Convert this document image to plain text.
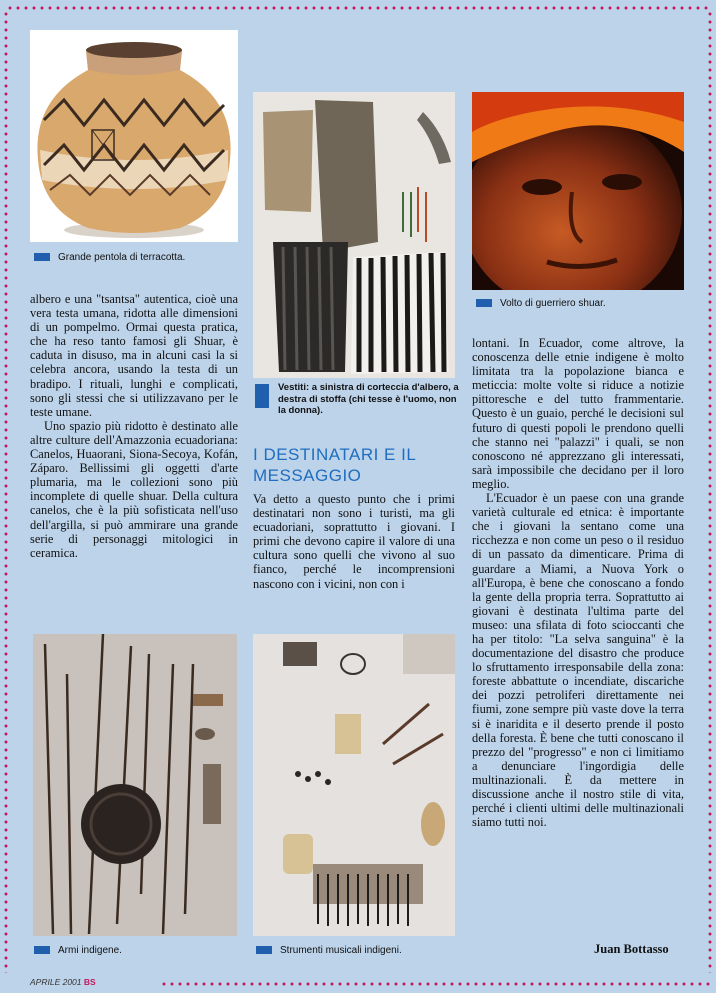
Grande pentola di terracotta.
Vestiti: a sinistra di corteccia d'albero, a destra di stoffa (chi tesse è l'uomo, non la donna).
Volto di guerriero shuar.

albero e una "tsantsa" autentica, cioè una vera testa umana, ridotta alle dimensioni di un pompelmo. Ormai questa pratica, che ha reso tanto famosi gli Shuar, è caduta in disuso, ma in alcuni casi la si celebra ancora, usando la testa di un bradipo. I rituali, lunghi e complicati, sono gli stessi che si utilizzavano per le teste umane.

Uno spazio più ridotto è destinato alle altre culture dell'Amazzonia ecuadoriana: Canelos, Huaorani, Siona-Secoya, Kofán, Záparo. Bellissimi gli oggetti d'arte plumaria, ma le collezioni sono più incomplete di quelle shuar. Della cultura canelos, che è la più sofisticata nell'uso dell'argilla, si può ammirare una grande serie di personaggi mitologici in ceramica.

I DESTINATARI E IL MESSAGGIO

Va detto a questo punto che i primi destinatari non sono i turisti, ma gli ecuadoriani, soprattutto i giovani. I primi che devono capire il valore di una cultura sono quelli che vivono al suo fianco, perché le incomprensioni nascono con i vicini, non con i

lontani. In Ecuador, come altrove, la conoscenza delle etnie indigene è molto limitata tra la popolazione bianca e meticcia: molte volte si riduce a notizie pittoresche e del tutto frammentarie. Questo è un guaio, perché le decisioni sul futuro di questi popoli le prendono quelli che stanno nei "palazzi" i quali, se non conoscono né apprezzano gli interessati, sarà impossibile che decidano per il loro meglio.

L'Ecuador è un paese con una grande varietà culturale ed etnica: è importante che i giovani la sentano come una ricchezza e non come un peso o il residuo di un passato da dimenticare. Prima di guardare a Miami, a Nuova York o all'Europa, è bene che conoscano a fondo la gente della propria terra. Soprattutto ai giovani è destinata l'ultima parte del museo: una sfilata di foto scioccanti che ha per titolo: "La selva sanguina" è la documentazione del disastro che produce lo sfruttamento irresponsabile della zona: foreste abbattute o incendiate, discariche dei pozzi petroliferi direttamente nei fiumi, zone sempre più vaste dove la terra si è inaridita e il deserto prende il posto della foresta. È bene che tutti conoscano il prezzo del "progresso" e non ci limitiamo a denunciare l'ingordigia delle multinazionali. È da mettere in discussione anche il nostro stile di vita, perché i clienti ultimi delle multinazionali siamo tutti noi.

Armi indigene.	Strumenti musicali indigeni.	Juan Bottasso
APRILE 2001 BS
